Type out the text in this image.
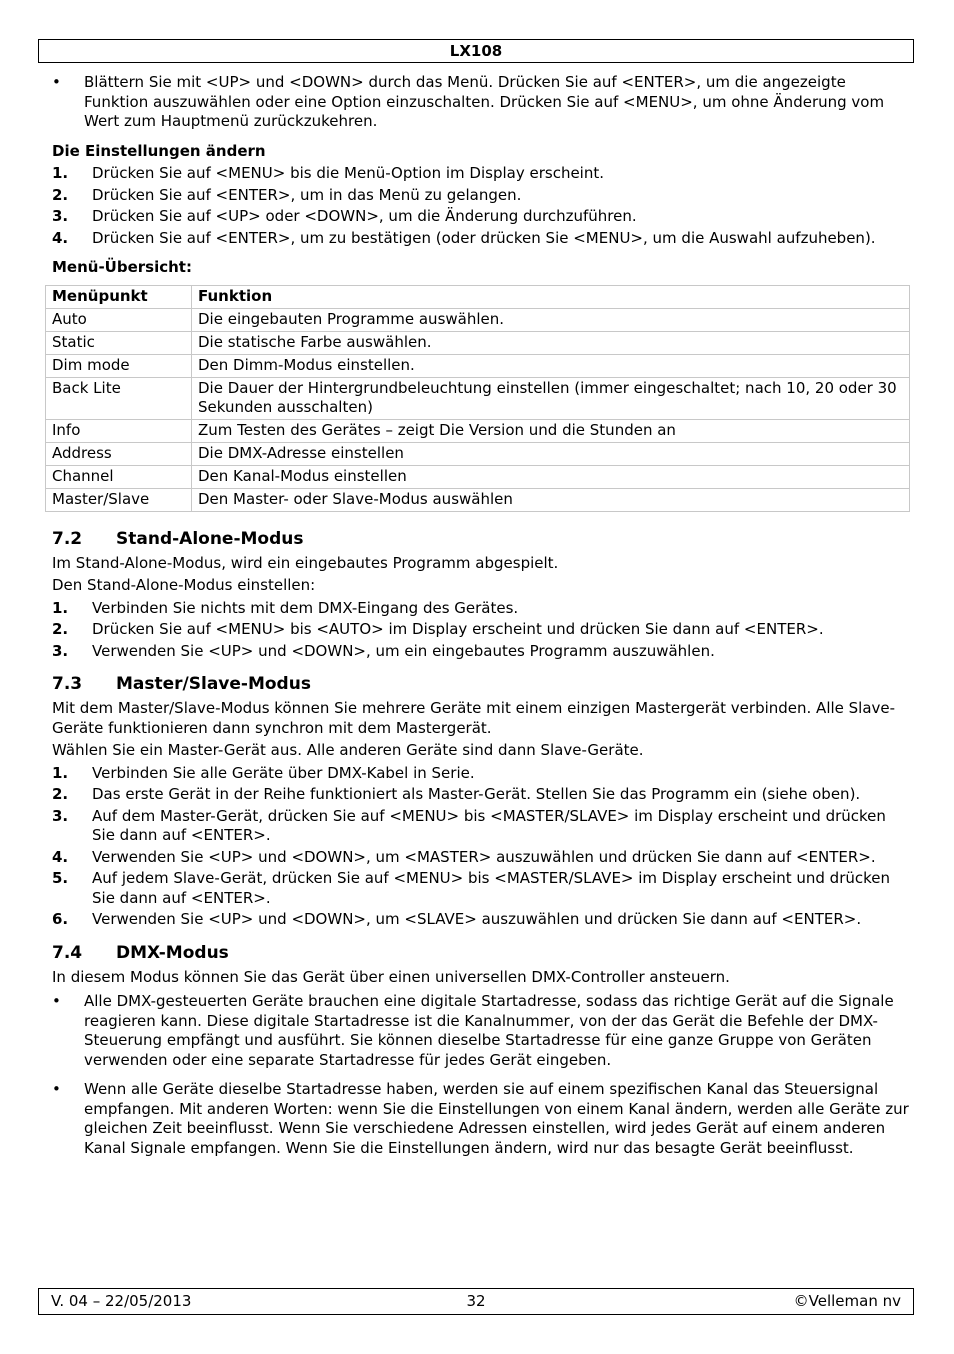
LX108
• Blättern Sie mit <UP> und <DOWN> durch das Menü. Drücken Sie auf <ENTER>, um die angezeigte Funktion auszuwählen oder eine Option einzuschalten. Drücken Sie auf <MENU>, um ohne Änderung vom Wert zum Hauptmenü zurückzukehren.
Die Einstellungen ändern
1. Drücken Sie auf <MENU> bis die Menü-Option im Display erscheint.
2. Drücken Sie auf <ENTER>, um in das Menü zu gelangen.
3. Drücken Sie auf <UP> oder <DOWN>, um die Änderung durchzuführen.
4. Drücken Sie auf <ENTER>, um zu bestätigen (oder drücken Sie <MENU>, um die Auswahl aufzuheben).
Menü-Übersicht:
Menüpunkt	Funktion
Auto	Die eingebauten Programme auswählen.
Static	Die statische Farbe auswählen.
Dim mode	Den Dimm-Modus einstellen.
Back Lite	Die Dauer der Hintergrundbeleuchtung einstellen (immer eingeschaltet; nach 10, 20 oder 30 Sekunden ausschalten)
Info	Zum Testen des Gerätes – zeigt Die Version und die Stunden an
Address	Die DMX-Adresse einstellen
Channel	Den Kanal-Modus einstellen
Master/Slave	Den Master- oder Slave-Modus auswählen
7.2 Stand-Alone-Modus

Im Stand-Alone-Modus, wird ein eingebautes Programm abgespielt.

Den Stand-Alone-Modus einstellen:

1. Verbinden Sie nichts mit dem DMX-Eingang des Gerätes.
2. Drücken Sie auf <MENU> bis <AUTO> im Display erscheint und drücken Sie dann auf <ENTER>.
3. Verwenden Sie <UP> und <DOWN>, um ein eingebautes Programm auszuwählen.
7.3 Master/Slave-Modus

Mit dem Master/Slave-Modus können Sie mehrere Geräte mit einem einzigen Mastergerät verbinden. Alle Slave-Geräte funktionieren dann synchron mit dem Mastergerät.

Wählen Sie ein Master-Gerät aus. Alle anderen Geräte sind dann Slave-Geräte.

1. Verbinden Sie alle Geräte über DMX-Kabel in Serie.
2. Das erste Gerät in der Reihe funktioniert als Master-Gerät. Stellen Sie das Programm ein (siehe oben).
3. Auf dem Master-Gerät, drücken Sie auf <MENU> bis <MASTER/SLAVE> im Display erscheint und drücken Sie dann auf <ENTER>.
4. Verwenden Sie <UP> und <DOWN>, um <MASTER> auszuwählen und drücken Sie dann auf <ENTER>.
5. Auf jedem Slave-Gerät, drücken Sie auf <MENU> bis <MASTER/SLAVE> im Display erscheint und drücken Sie dann auf <ENTER>.
6. Verwenden Sie <UP> und <DOWN>, um <SLAVE> auszuwählen und drücken Sie dann auf <ENTER>.
7.4 DMX-Modus

In diesem Modus können Sie das Gerät über einen universellen DMX-Controller ansteuern.

• Alle DMX-gesteuerten Geräte brauchen eine digitale Startadresse, sodass das richtige Gerät auf die Signale reagieren kann. Diese digitale Startadresse ist die Kanalnummer, von der das Gerät die Befehle der DMX-Steuerung empfängt und ausführt. Sie können dieselbe Startadresse für eine ganze Gruppe von Geräten verwenden oder eine separate Startadresse für jedes Gerät eingeben.
• Wenn alle Geräte dieselbe Startadresse haben, werden sie auf einem spezifischen Kanal das Steuersignal empfangen. Mit anderen Worten: wenn Sie die Einstellungen von einem Kanal ändern, werden alle Geräte zur gleichen Zeit beeinflusst. Wenn Sie verschiedene Adressen einstellen, wird jedes Gerät auf einem anderen Kanal Signale empfangen. Wenn Sie die Einstellungen ändern, wird nur das besagte Gerät beeinflusst.
V. 04 – 22/05/2013	32	©Velleman nv
